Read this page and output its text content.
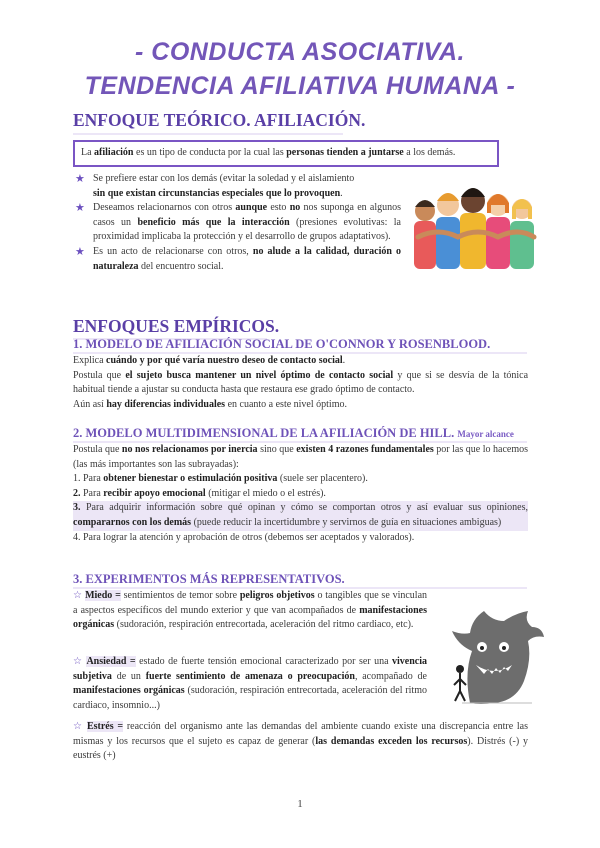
- CONDUCTA ASOCIATIVA.
TENDENCIA AFILIATIVA HUMANA -
ENFOQUE TEÓRICO. AFILIACIÓN.
La afiliación es un tipo de conducta por la cual las personas tienden a juntarse a los demás.
★ Se prefiere estar con los demás (evitar la soledad y el aislamiento
sin que existan circunstancias especiales que lo provoquen.
★ Deseamos relacionarnos con otros aunque esto no nos suponga en algunos casos un beneficio más que la interacción (presiones evolutivas: la proximidad implicaba la protección y el desarrollo de grupos adaptativos).
★ Es un acto de relacionarse con otros, no alude a la calidad, duración o naturaleza del encuentro social.
ENFOQUES EMPÍRICOS.
1. MODELO DE AFILIACIÓN SOCIAL DE O'CONNOR Y ROSENBLOOD.
Explica cuándo y por qué varía nuestro deseo de contacto social.
Postula que el sujeto busca mantener un nivel óptimo de contacto social y que si se desvía de la tónica habitual tiende a ajustar su conducta hasta que restaura ese grado óptimo de contacto.
Aún así hay diferencias individuales en cuanto a este nivel óptimo.
2. MODELO MULTIDIMENSIONAL DE LA AFILIACIÓN DE HILL. Mayor alcance
Postula que no nos relacionamos por inercia sino que existen 4 razones fundamentales por las que lo hacemos (las más importantes son las subrayadas):
1. Para obtener bienestar o estimulación positiva (suele ser placentero).
2. Para recibir apoyo emocional (mitigar el miedo o el estrés).
3. Para adquirir información sobre qué opinan y cómo se comportan otros y así evaluar sus opiniones, compararnos con los demás (puede reducir la incertidumbre y servirnos de guía en situaciones ambiguas)
4. Para lograr la atención y aprobación de otros (debemos ser aceptados y valorados).
3. EXPERIMENTOS MÁS REPRESENTATIVOS.
☆ Miedo = sentimientos de temor sobre peligros objetivos o tangibles que se vinculan a aspectos específicos del mundo exterior y que van acompañados de manifestaciones orgánicas (sudoración, respiración entrecortada, aceleración del ritmo cardiaco, etc).
☆ Ansiedad = estado de fuerte tensión emocional caracterizado por ser una vivencia subjetiva de un fuerte sentimiento de amenaza o preocupación, acompañado de manifestaciones orgánicas (sudoración, respiración entrecortada, aceleración del ritmo cardiaco, insomnio...)
☆ Estrés = reacción del organismo ante las demandas del ambiente cuando existe una discrepancia entre las mismas y los recursos que el sujeto es capaz de generar (las demandas exceden los recursos). Distrés (-) y eustrés (+)
1
